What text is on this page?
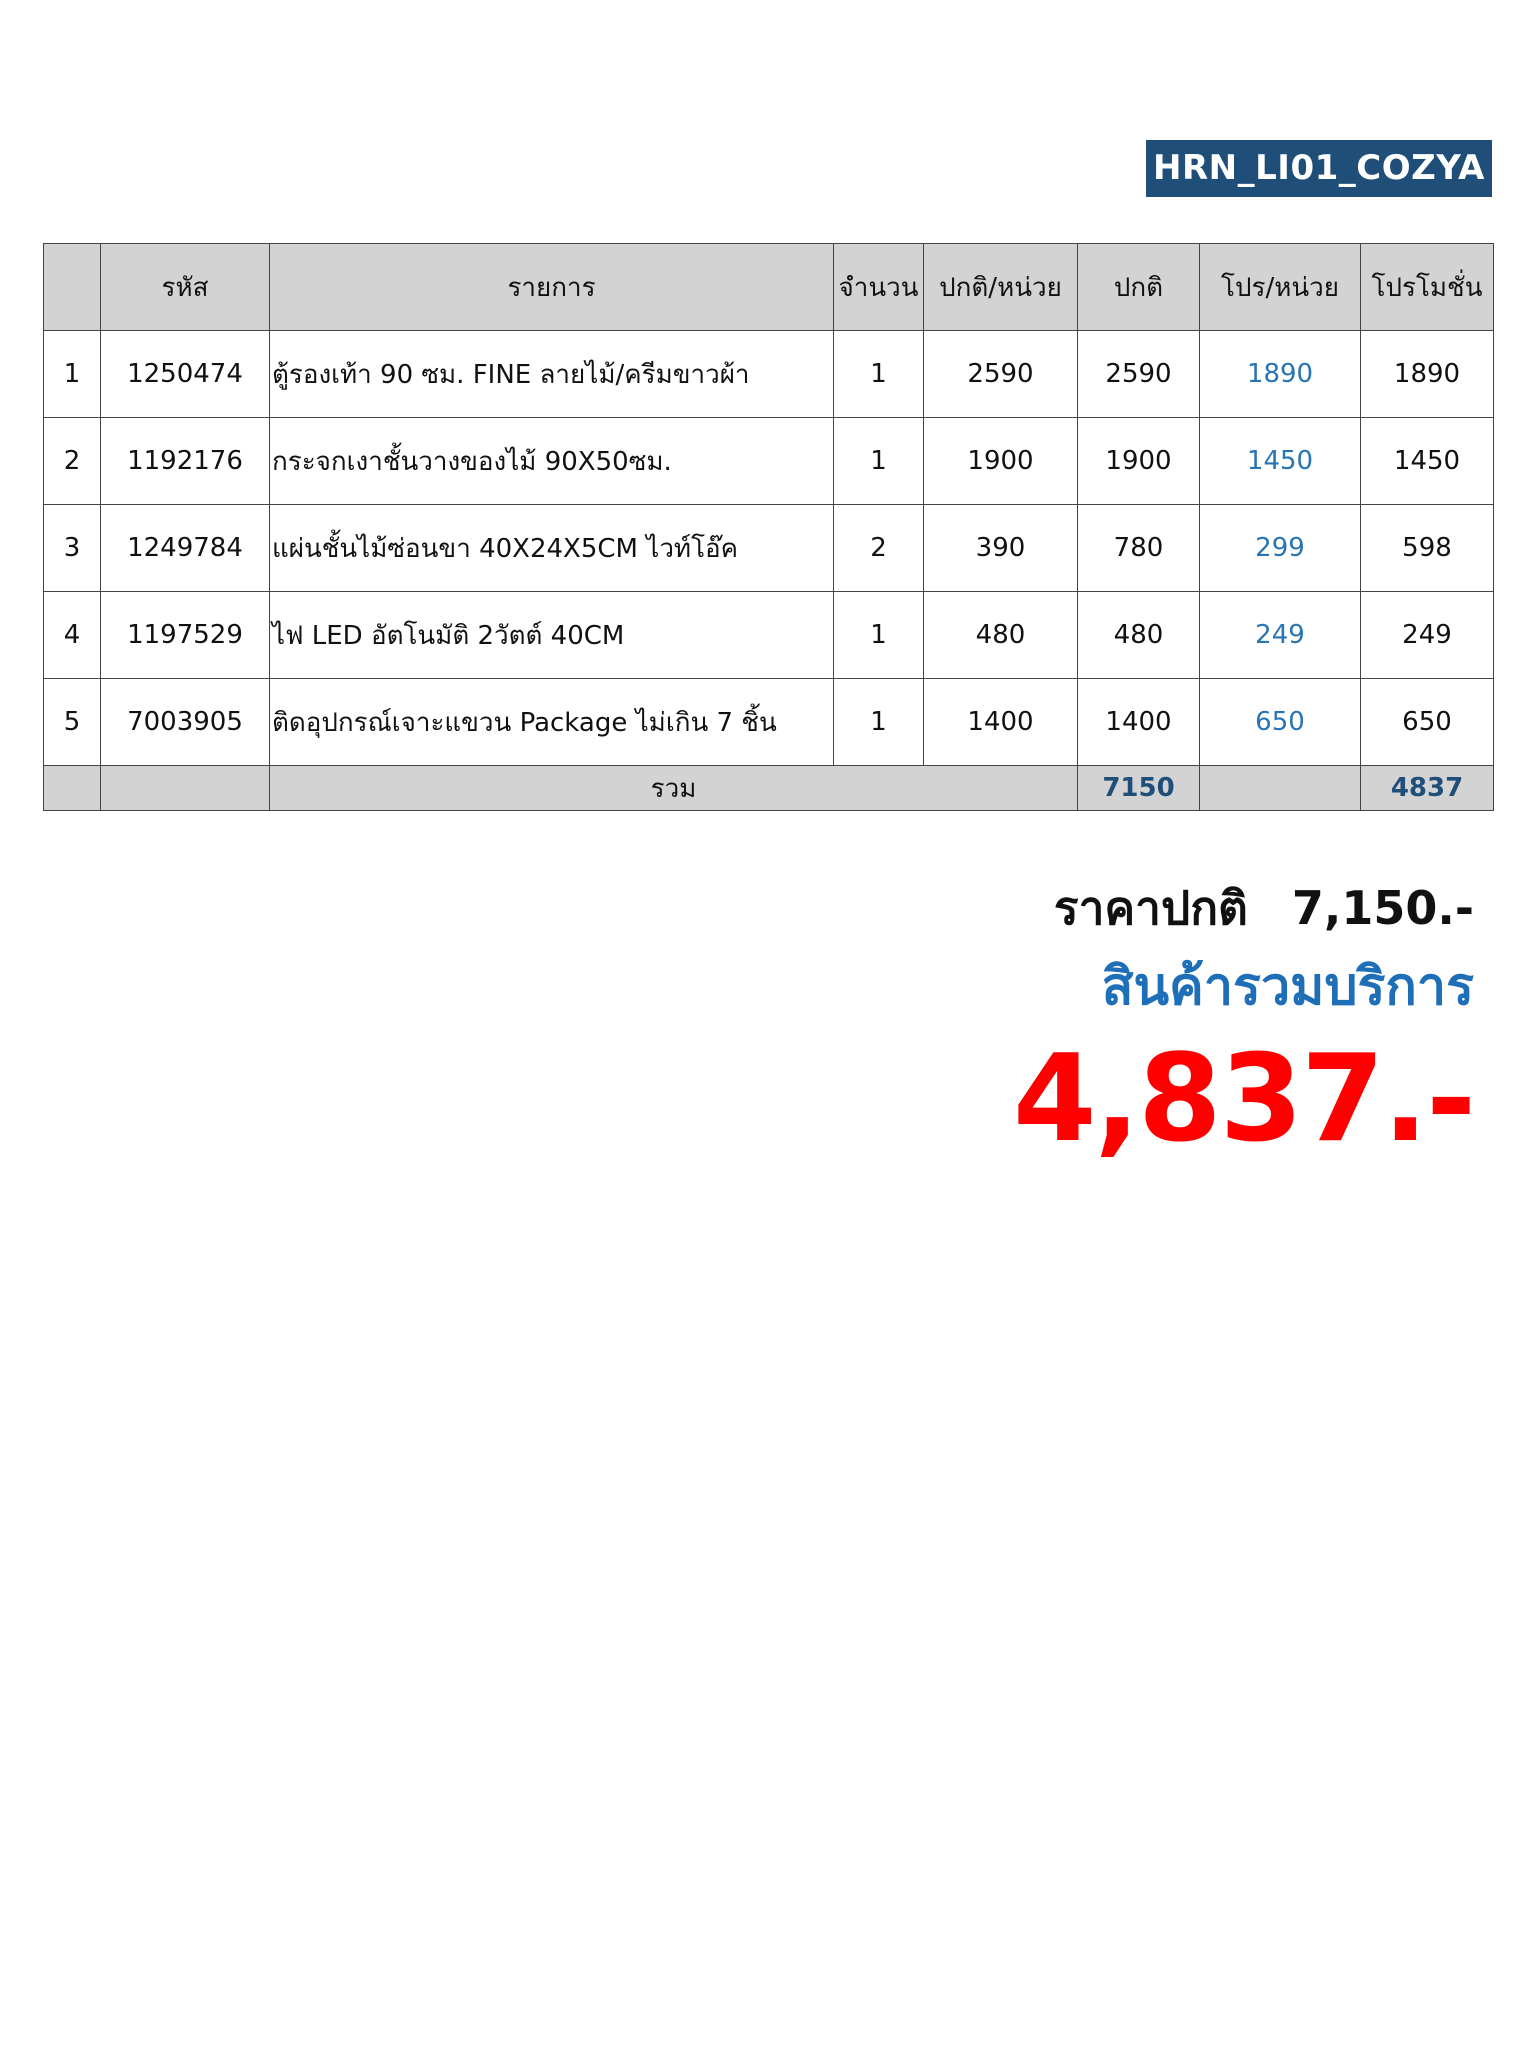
HRN_LI01_COZYA
	รหัส	รายการ	จำนวน	ปกติ/หน่วย	ปกติ	โปร/หน่วย	โปรโมชั่น
1	1250474	ตู้รองเท้า 90 ซม. FINE ลายไม้/ครีมขาวผ้า	1	2590	2590	1890	1890
2	1192176	กระจกเงาชั้นวางของไม้ 90X50ซม.	1	1900	1900	1450	1450
3	1249784	แผ่นชั้นไม้ซ่อนขา 40X24X5CM ไวท์โอ๊ค	2	390	780	299	598
4	1197529	ไฟ LED อัตโนมัติ 2วัตต์ 40CM	1	480	480	249	249
5	7003905	ติดอุปกรณ์เจาะแขวน Package ไม่เกิน 7 ชิ้น	1	1400	1400	650	650
		รวม			7150		4837
ราคาปกติ 7,150.-
สินค้ารวมบริการ
4,837.-
